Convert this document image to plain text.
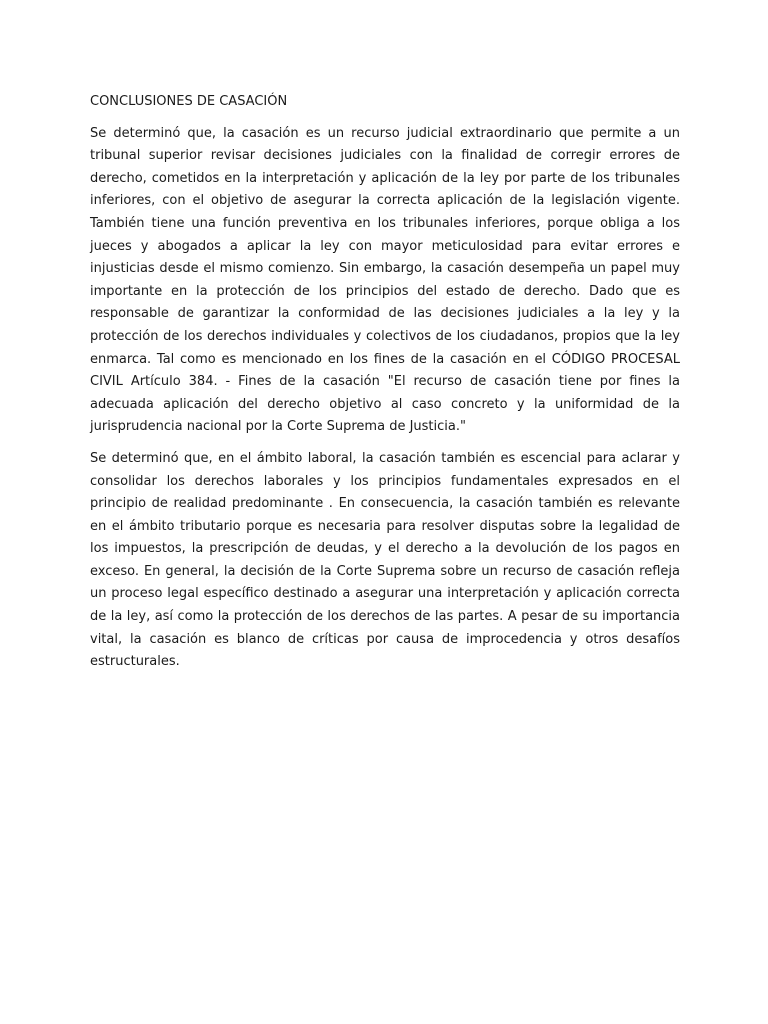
CONCLUSIONES DE CASACIÓN

Se determinó que, la casación es un recurso judicial extraordinario que permite a un tribunal superior revisar decisiones judiciales con la finalidad de corregir errores de derecho, cometidos en la interpretación y aplicación de la ley por parte de los tribunales inferiores, con el objetivo de asegurar la correcta aplicación de la legislación vigente. También tiene una función preventiva en los tribunales inferiores, porque obliga a los jueces y abogados a aplicar la ley con mayor meticulosidad para evitar errores e injusticias desde el mismo comienzo. Sin embargo, la casación desempeña un papel muy importante en la protección de los principios del estado de derecho. Dado que es responsable de garantizar la conformidad de las decisiones judiciales a la ley y la protección de los derechos individuales y colectivos de los ciudadanos, propios que la ley enmarca. Tal como es mencionado en los fines de la casación en el CÓDIGO PROCESAL CIVIL Artículo 384. - Fines de la casación "El recurso de casación tiene por fines la adecuada aplicación del derecho objetivo al caso concreto y la uniformidad de la jurisprudencia nacional por la Corte Suprema de Justicia."

Se determinó que, en el ámbito laboral, la casación también es escencial para aclarar y consolidar los derechos laborales y los principios fundamentales expresados en el principio de realidad predominante . En consecuencia, la casación también es relevante en el ámbito tributario porque es necesaria para resolver disputas sobre la legalidad de los impuestos, la prescripción de deudas, y el derecho a la devolución de los pagos en exceso. En general, la decisión de la Corte Suprema sobre un recurso de casación refleja un proceso legal específico destinado a asegurar una interpretación y aplicación correcta de la ley, así como la protección de los derechos de las partes. A pesar de su importancia vital, la casación es blanco de críticas por causa de improcedencia y otros desafíos estructurales.
